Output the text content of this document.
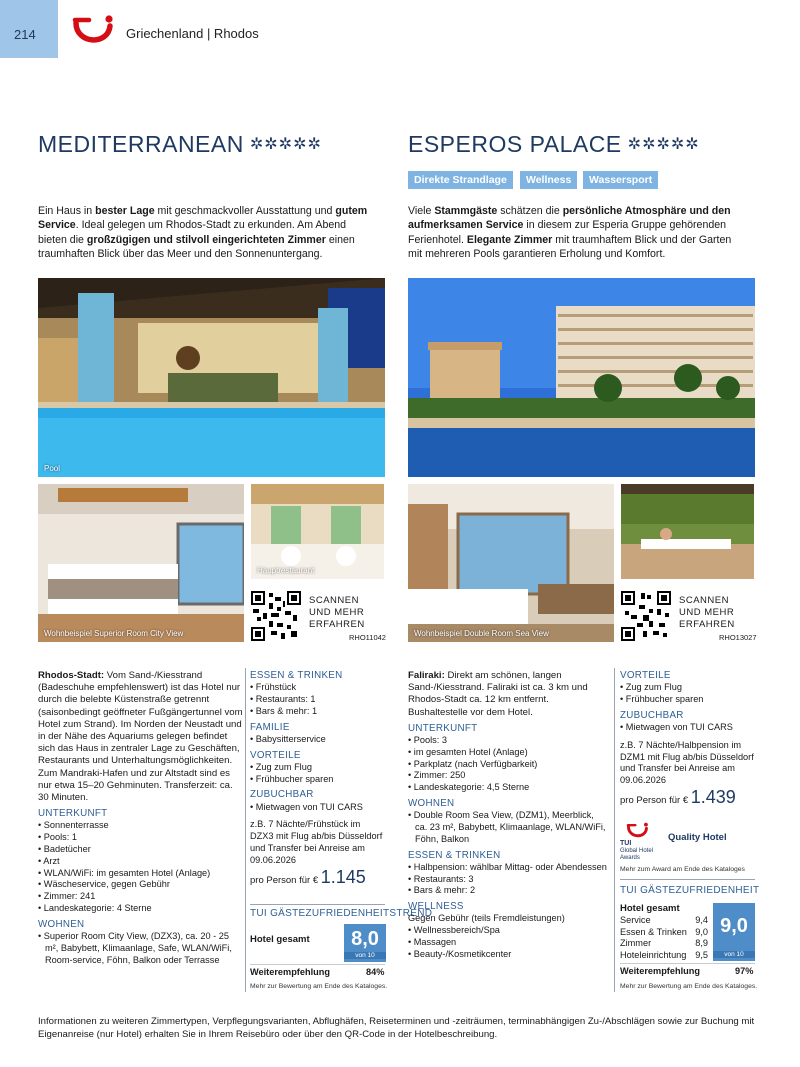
214	Griechenland | Rhodos
MEDITERRANEAN ✲✲✲✲✲	ESPEROS PALACE ✲✲✲✲✲
Direkte Strandlage	Wellness	Wassersport
Ein Haus in bester Lage mit geschmackvoller Ausstattung und gutem Service. Ideal gelegen um Rhodos-Stadt zu erkunden. Am Abend bieten die großzügigen und stilvoll eingerichteten Zimmer einen traumhaften Blick über das Meer und den Sonnenuntergang.
Viele Stammgäste schätzen die persönliche Atmosphäre und den aufmerksamen Service in diesem zur Esperia Gruppe gehörenden Ferienhotel. Elegante Zimmer mit traumhaftem Blick und der Garten mit mehreren Pools garantieren Erholung und Komfort.
Pool
Wohnbeispiel Superior Room City View
Hauptrestaurant
SCANNEN
UND MEHR
ERFAHREN
RHO11042	Wohnbeispiel Double Room Sea View
SCANNEN
UND MEHR
ERFAHREN
RHO13027

Rhodos-Stadt: Vom Sand-/Kiesstrand (Badeschuhe empfehlenswert) ist das Hotel nur durch die belebte Küstenstraße getrennt (saisonbedingt geöffneter Fußgängertunnel vom Hotel zum Strand). Im Norden der Neustadt und in der Nähe des Aquariums gelegen befindet sich das Haus in zentraler Lage zu Geschäften, Restaurants und Unterhaltungsmöglichkeiten. Zum Mandraki-Hafen und zur Altstadt sind es nur etwa 15–20 Gehminuten. Transferzeit: ca. 30 Minuten.

UNTERKUNFT
• Sonnenterrasse
• Pools: 1
• Badetücher
• Arzt
• WLAN/WiFi: im gesamten Hotel (Anlage)
• Wäscheservice, gegen Gebühr
• Zimmer: 241
• Landeskategorie: 4 Sterne
WOHNEN
• Superior Room City View, (DZX3), ca. 20 - 25 m², Babybett, Klimaanlage, Safe, WLAN/WiFi, Room-service, Föhn, Balkon oder Terrasse
ESSEN & TRINKEN
• Frühstück
• Restaurants: 1
• Bars & mehr: 1
FAMILIE
• Babysitterservice
VORTEILE
• Zug zum Flug
• Frühbucher sparen
ZUBUCHBAR
• Mietwagen von TUI CARS

z.B. 7 Nächte/Frühstück im DZX3 mit Flug ab/bis Düsseldorf und Transfer bei Anreise am 09.06.2026

pro Person für € 1.145

TUI GÄSTEZUFRIEDENHEITSTREND
Hotel gesamt	8,0
von 10
Weiterempfehlung	84%
Mehr zur Bewertung am Ende des Kataloges.

Faliraki: Direkt am schönen, langen Sand-/Kiesstrand. Faliraki ist ca. 3 km und Rhodos-Stadt ca. 12 km entfernt. Bushaltestelle vor dem Hotel.

UNTERKUNFT
• Pools: 3
• im gesamten Hotel (Anlage)
• Parkplatz (nach Verfügbarkeit)
• Zimmer: 250
• Landeskategorie: 4,5 Sterne
WOHNEN
• Double Room Sea View, (DZM1), Meerblick, ca. 23 m², Babybett, Klimaanlage, WLAN/WiFi, Föhn, Balkon
ESSEN & TRINKEN
• Halbpension: wählbar Mittag- oder Abendessen
• Restaurants: 3
• Bars & mehr: 2
WELLNESS

Gegen Gebühr (teils Fremdleistungen)

• Wellnessbereich/Spa
• Massagen
• Beauty-/Kosmetikcenter
VORTEILE
• Zug zum Flug
• Frühbucher sparen
ZUBUCHBAR
• Mietwagen von TUI CARS

z.B. 7 Nächte/Halbpension im DZM1 mit Flug ab/bis Düsseldorf und Transfer bei Anreise am 09.06.2026

pro Person für € 1.439

TUI
Global Hotel
Awards
Quality Hotel
Mehr zum Award am Ende des Kataloges
TUI GÄSTEZUFRIEDENHEIT
Hotel gesamt
Service	9,4
Essen & Trinken 9,0
Zimmer	8,9
Hoteleinrichtung 9,5
9,0
von 10
Weiterempfehlung	97%
Mehr zur Bewertung am Ende des Kataloges.
Informationen zu weiteren Zimmertypen, Verpflegungsvarianten, Abflughäfen, Reiseterminen und -zeiträumen, terminabhängigen Zu-/Abschlägen sowie zur Buchung mit Eigenanreise (nur Hotel) erhalten Sie in Ihrem Reisebüro oder über den QR-Code in der Hotelbeschreibung.
